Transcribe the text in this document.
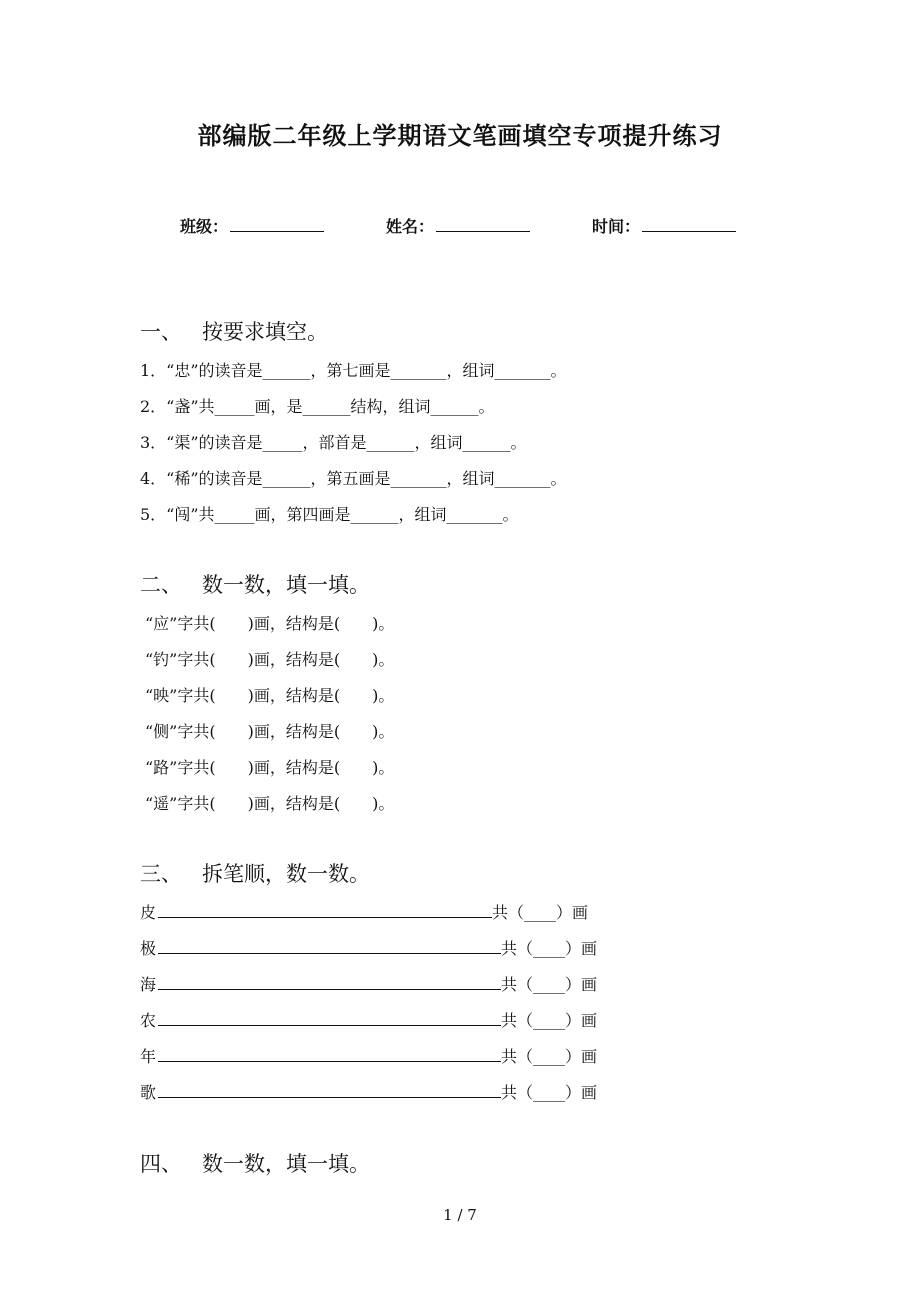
部编版二年级上学期语文笔画填空专项提升练习
班级：	姓名：	时间：
一、 按要求填空。
1．“忠”的读音是______，第七画是_______，组词_______。
2．“盏”共_____画，是______结构，组词______。
3．“渠”的读音是_____，部首是______，组词______。
4．“稀”的读音是______，第五画是_______，组词_______。
5．“闯”共_____画，第四画是______，组词_______。
二、 数一数，填一填。
“应”字共(　　)画，结构是(　　)。
“钓”字共(　　)画，结构是(　　)。
“映”字共(　　)画，结构是(　　)。
“侧”字共(　　)画，结构是(　　)。
“路”字共(　　)画，结构是(　　)。
“遥”字共(　　)画，结构是(　　)。
三、 拆笔顺，数一数。
皮	共（____）画
极	共（____）画
海	共（____）画
农	共（____）画
年	共（____）画
歌	共（____）画
四、 数一数，填一填。
1 / 7
